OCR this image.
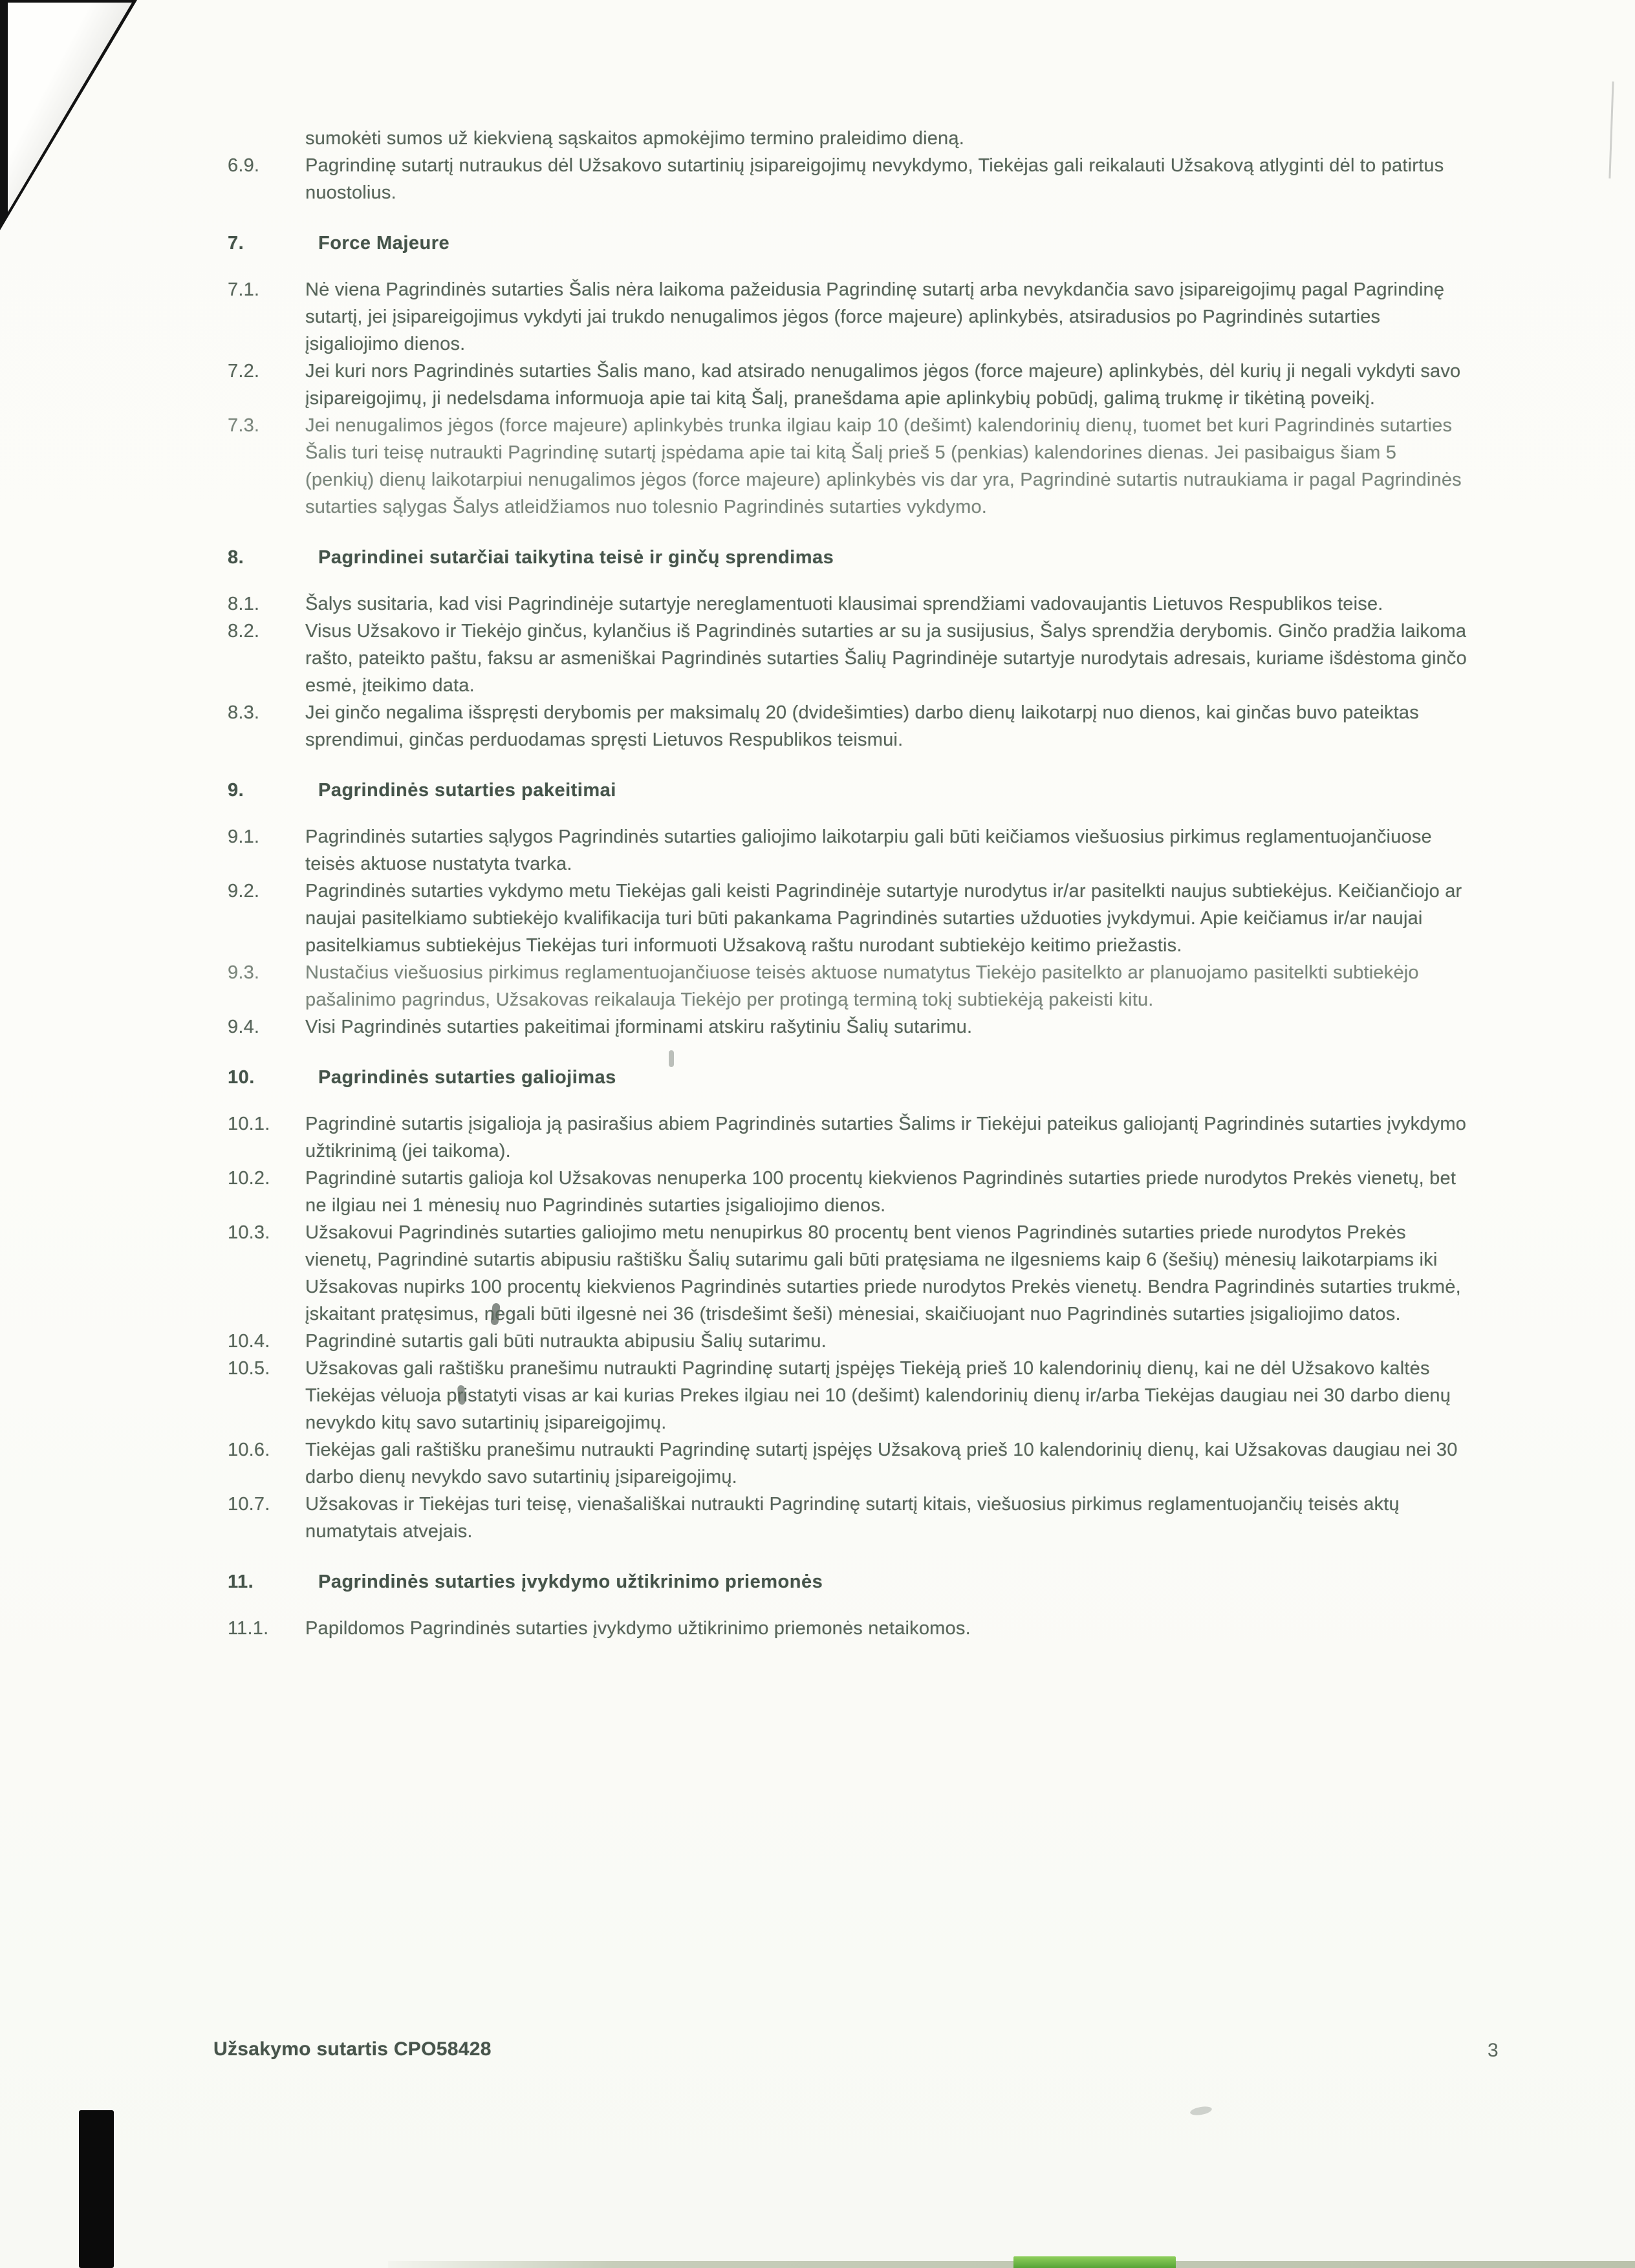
sumokėti sumos už kiekvieną sąskaitos apmokėjimo termino praleidimo dieną.
6.9.	Pagrindinę sutartį nutraukus dėl Užsakovo sutartinių įsipareigojimų nevykdymo, Tiekėjas gali reikalauti Užsakovą atlyginti dėl to patirtus nuostolius.
7.	Force Majeure
7.1.	Nė viena Pagrindinės sutarties Šalis nėra laikoma pažeidusia Pagrindinę sutartį arba nevykdančia savo įsipareigojimų pagal Pagrindinę sutartį, jei įsipareigojimus vykdyti jai trukdo nenugalimos jėgos (force majeure) aplinkybės, atsiradusios po Pagrindinės sutarties įsigaliojimo dienos.
7.2.	Jei kuri nors Pagrindinės sutarties Šalis mano, kad atsirado nenugalimos jėgos (force majeure) aplinkybės, dėl kurių ji negali vykdyti savo įsipareigojimų, ji nedelsdama informuoja apie tai kitą Šalį, pranešdama apie aplinkybių pobūdį, galimą trukmę ir tikėtiną poveikį.
7.3.	Jei nenugalimos jėgos (force majeure) aplinkybės trunka ilgiau kaip 10 (dešimt) kalendorinių dienų, tuomet bet kuri Pagrindinės sutarties Šalis turi teisę nutraukti Pagrindinę sutartį įspėdama apie tai kitą Šalį prieš 5 (penkias) kalendorines dienas. Jei pasibaigus šiam 5 (penkių) dienų laikotarpiui nenugalimos jėgos (force majeure) aplinkybės vis dar yra, Pagrindinė sutartis nutraukiama ir pagal Pagrindinės sutarties sąlygas Šalys atleidžiamos nuo tolesnio Pagrindinės sutarties vykdymo.
8.	Pagrindinei sutarčiai taikytina teisė ir ginčų sprendimas
8.1.	Šalys susitaria, kad visi Pagrindinėje sutartyje nereglamentuoti klausimai sprendžiami vadovaujantis Lietuvos Respublikos teise.
8.2.	Visus Užsakovo ir Tiekėjo ginčus, kylančius iš Pagrindinės sutarties ar su ja susijusius, Šalys sprendžia derybomis. Ginčo pradžia laikoma rašto, pateikto paštu, faksu ar asmeniškai Pagrindinės sutarties Šalių Pagrindinėje sutartyje nurodytais adresais, kuriame išdėstoma ginčo esmė, įteikimo data.
8.3.	Jei ginčo negalima išspręsti derybomis per maksimalų 20 (dvidešimties) darbo dienų laikotarpį nuo dienos, kai ginčas buvo pateiktas sprendimui, ginčas perduodamas spręsti Lietuvos Respublikos teismui.
9.	Pagrindinės sutarties pakeitimai
9.1.	Pagrindinės sutarties sąlygos Pagrindinės sutarties galiojimo laikotarpiu gali būti keičiamos viešuosius pirkimus reglamentuojančiuose teisės aktuose nustatyta tvarka.
9.2.	Pagrindinės sutarties vykdymo metu Tiekėjas gali keisti Pagrindinėje sutartyje nurodytus ir/ar pasitelkti naujus subtiekėjus. Keičiančiojo ar naujai pasitelkiamo subtiekėjo kvalifikacija turi būti pakankama Pagrindinės sutarties užduoties įvykdymui. Apie keičiamus ir/ar naujai pasitelkiamus subtiekėjus Tiekėjas turi informuoti Užsakovą raštu nurodant subtiekėjo keitimo priežastis.
9.3.	Nustačius viešuosius pirkimus reglamentuojančiuose teisės aktuose numatytus Tiekėjo pasitelkto ar planuojamo pasitelkti subtiekėjo pašalinimo pagrindus, Užsakovas reikalauja Tiekėjo per protingą terminą tokį subtiekėją pakeisti kitu.
9.4.	Visi Pagrindinės sutarties pakeitimai įforminami atskiru rašytiniu Šalių sutarimu.
10.	Pagrindinės sutarties galiojimas
10.1.	Pagrindinė sutartis įsigalioja ją pasirašius abiem Pagrindinės sutarties Šalims ir Tiekėjui pateikus galiojantį Pagrindinės sutarties įvykdymo užtikrinimą (jei taikoma).
10.2.	Pagrindinė sutartis galioja kol Užsakovas nenuperka 100 procentų kiekvienos Pagrindinės sutarties priede nurodytos Prekės vienetų, bet ne ilgiau nei 1 mėnesių nuo Pagrindinės sutarties įsigaliojimo dienos.
10.3.	Užsakovui Pagrindinės sutarties galiojimo metu nenupirkus 80 procentų bent vienos Pagrindinės sutarties priede nurodytos Prekės vienetų, Pagrindinė sutartis abipusiu raštišku Šalių sutarimu gali būti pratęsiama ne ilgesniems kaip 6 (šešių) mėnesių laikotarpiams iki Užsakovas nupirks 100 procentų kiekvienos Pagrindinės sutarties priede nurodytos Prekės vienetų. Bendra Pagrindinės sutarties trukmė, įskaitant pratęsimus, negali būti ilgesnė nei 36 (trisdešimt šeši) mėnesiai, skaičiuojant nuo Pagrindinės sutarties įsigaliojimo datos.
10.4.	Pagrindinė sutartis gali būti nutraukta abipusiu Šalių sutarimu.
10.5.	Užsakovas gali raštišku pranešimu nutraukti Pagrindinę sutartį įspėjęs Tiekėją prieš 10 kalendorinių dienų, kai ne dėl Užsakovo kaltės Tiekėjas vėluoja pristatyti visas ar kai kurias Prekes ilgiau nei 10 (dešimt) kalendorinių dienų ir/arba Tiekėjas daugiau nei 30 darbo dienų nevykdo kitų savo sutartinių įsipareigojimų.
10.6.	Tiekėjas gali raštišku pranešimu nutraukti Pagrindinę sutartį įspėjęs Užsakovą prieš 10 kalendorinių dienų, kai Užsakovas daugiau nei 30 darbo dienų nevykdo savo sutartinių įsipareigojimų.
10.7.	Užsakovas ir Tiekėjas turi teisę, vienašališkai nutraukti Pagrindinę sutartį kitais, viešuosius pirkimus reglamentuojančių teisės aktų numatytais atvejais.
11.	Pagrindinės sutarties įvykdymo užtikrinimo priemonės
11.1.	Papildomos Pagrindinės sutarties įvykdymo užtikrinimo priemonės netaikomos.
Užsakymo sutartis CPO58428	3
